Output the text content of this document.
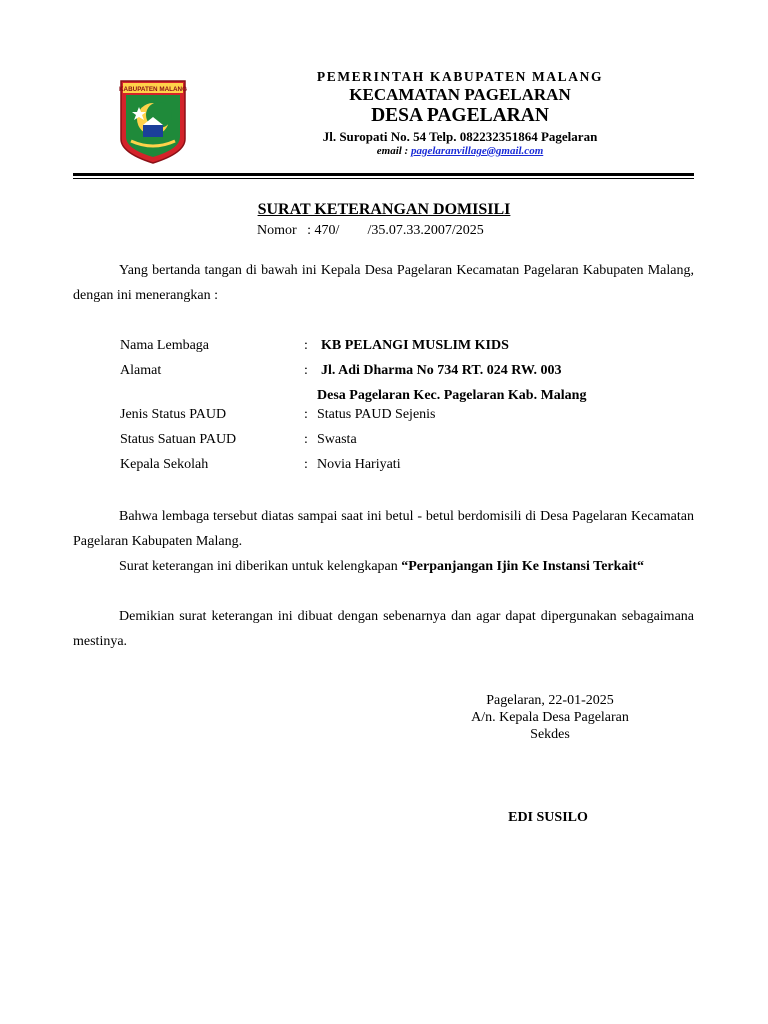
KABUPATEN MALANG
PEMERINTAH KABUPATEN MALANG
KECAMATAN PAGELARAN
DESA PAGELARAN
Jl. Suropati No. 54 Telp. 082232351864 Pagelaran
email : pagelaranvillage@gmail.com
SURAT KETERANGAN DOMISILI
Nomor   : 470/        /35.07.33.2007/2025
Yang bertanda tangan di bawah ini Kepala Desa Pagelaran Kecamatan Pagelaran Kabupaten Malang, dengan ini menerangkan :
Nama Lembaga	: KB PELANGI MUSLIM KIDS
Alamat	: Jl. Adi Dharma No 734 RT. 024 RW. 003
Desa Pagelaran Kec. Pagelaran Kab. Malang
Jenis Status PAUD	: Status PAUD Sejenis
Status Satuan PAUD	: Swasta
Kepala Sekolah	: Novia Hariyati
Bahwa lembaga tersebut diatas sampai saat ini betul - betul berdomisili di Desa Pagelaran Kecamatan Pagelaran Kabupaten Malang.
Surat keterangan ini diberikan untuk kelengkapan “Perpanjangan Ijin Ke Instansi Terkait“
Demikian surat keterangan ini dibuat dengan sebenarnya dan agar dapat dipergunakan sebagaimana mestinya.
Pagelaran, 22-01-2025
A/n. Kepala Desa Pagelaran
Sekdes
EDI SUSILO
